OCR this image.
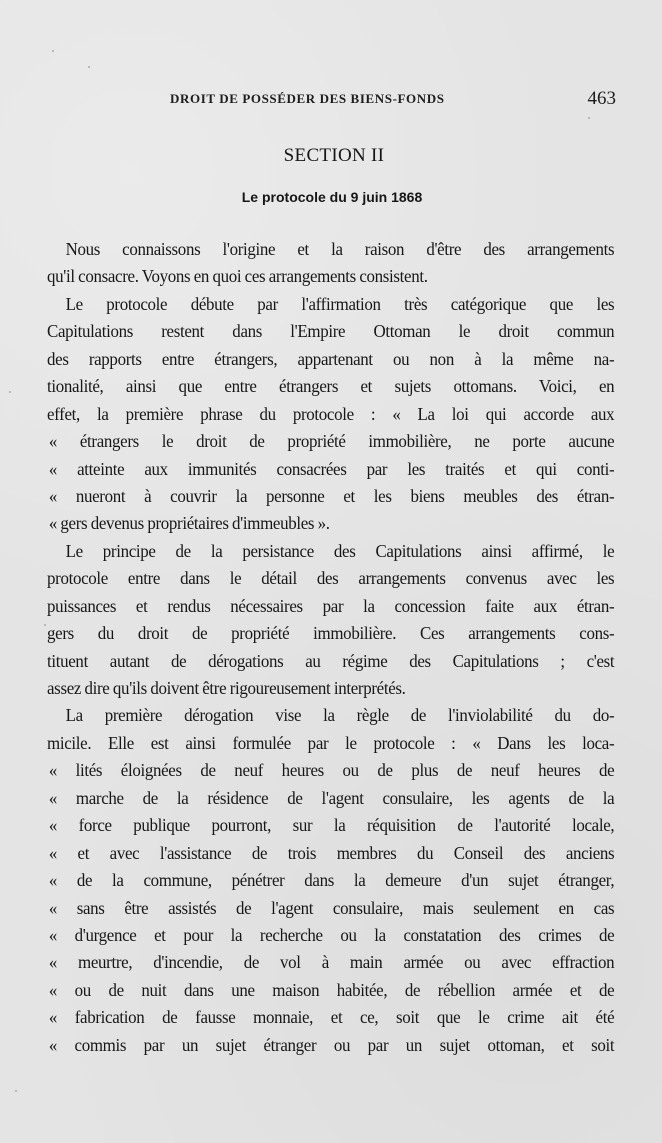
DROIT DE POSSÉDER DES BIENS-FONDS	463
SECTION II
Le protocole du 9 juin 1868
Nous connaissons l'origine et la raison d'être des arrangements
qu'il consacre. Voyons en quoi ces arrangements consistent.
Le protocole débute par l'affirmation très catégorique que les
Capitulations restent dans l'Empire Ottoman le droit commun
des rapports entre étrangers, appartenant ou non à la même na-
tionalité, ainsi que entre étrangers et sujets ottomans. Voici, en
effet, la première phrase du protocole : « La loi qui accorde aux
« étrangers le droit de propriété immobilière, ne porte aucune
« atteinte aux immunités consacrées par les traités et qui conti-
« nueront à couvrir la personne et les biens meubles des étran-
« gers devenus propriétaires d'immeubles ».
Le principe de la persistance des Capitulations ainsi affirmé, le
protocole entre dans le détail des arrangements convenus avec les
puissances et rendus nécessaires par la concession faite aux étran-
gers du droit de propriété immobilière. Ces arrangements cons-
tituent autant de dérogations au régime des Capitulations ; c'est
assez dire qu'ils doivent être rigoureusement interprétés.
La première dérogation vise la règle de l'inviolabilité du do-
micile. Elle est ainsi formulée par le protocole : « Dans les loca-
« lités éloignées de neuf heures ou de plus de neuf heures de
« marche de la résidence de l'agent consulaire, les agents de la
« force publique pourront, sur la réquisition de l'autorité locale,
« et avec l'assistance de trois membres du Conseil des anciens
« de la commune, pénétrer dans la demeure d'un sujet étranger,
« sans être assistés de l'agent consulaire, mais seulement en cas
« d'urgence et pour la recherche ou la constatation des crimes de
« meurtre, d'incendie, de vol à main armée ou avec effraction
« ou de nuit dans une maison habitée, de rébellion armée et de
« fabrication de fausse monnaie, et ce, soit que le crime ait été
« commis par un sujet étranger ou par un sujet ottoman, et soit
